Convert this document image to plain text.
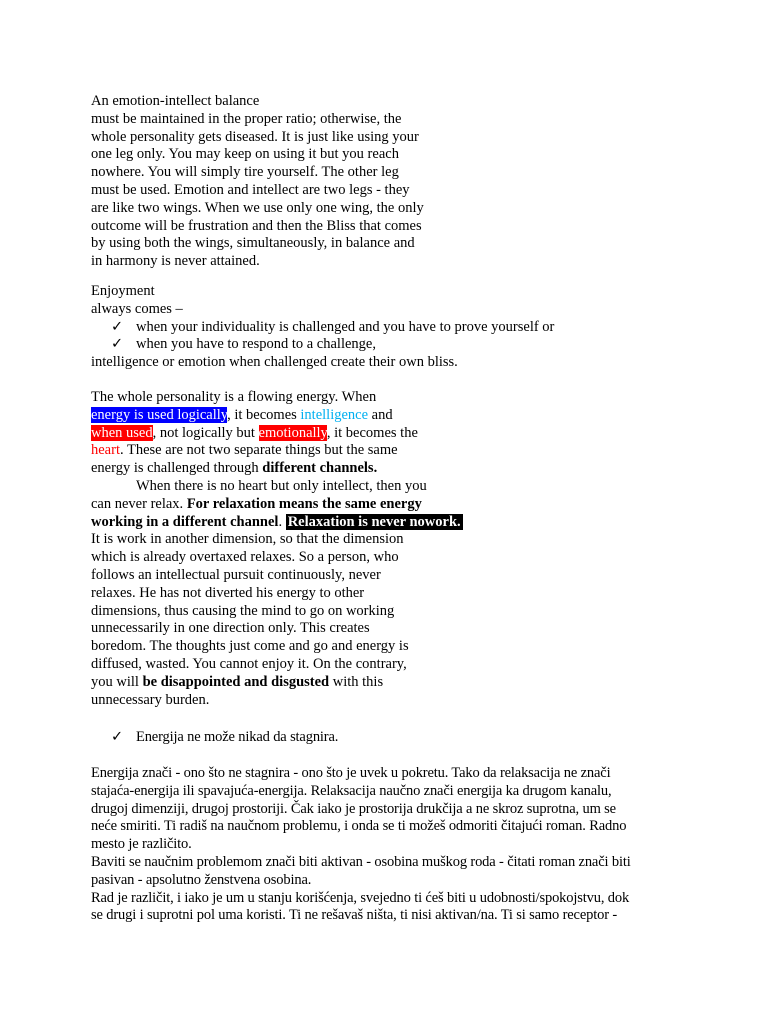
An emotion-intellect balance
must be maintained in the proper ratio; otherwise, the
whole personality gets diseased. It is just like using your
one leg only. You may keep on using it but you reach
nowhere. You will simply tire yourself. The other leg
must be used. Emotion and intellect are two legs - they
are like two wings. When we use only one wing, the only
outcome will be frustration and then the Bliss that comes
by using both the wings, simultaneously, in balance and
in harmony is never attained.
Enjoyment
always comes –
✓ when your individuality is challenged and you have to prove yourself or
✓ when you have to respond to a challenge,
intelligence or emotion when challenged create their own bliss.
The whole personality is a flowing energy. When
energy is used logically, it becomes intelligence and
when used, not logically but emotionally, it becomes the
heart. These are not two separate things but the same
energy is challenged through different channels.
When there is no heart but only intellect, then you
can never relax. For relaxation means the same energy
working in a different channel. Relaxation is never nowork.
It is work in another dimension, so that the dimension
which is already overtaxed relaxes. So a person, who
follows an intellectual pursuit continuously, never
relaxes. He has not diverted his energy to other
dimensions, thus causing the mind to go on working
unnecessarily in one direction only. This creates
boredom. The thoughts just come and go and energy is
diffused, wasted. You cannot enjoy it. On the contrary,
you will be disappointed and disgusted with this
unnecessary burden.
✓ Energija ne može nikad da stagnira.
Energija znači - ono što ne stagnira - ono što je uvek u pokretu. Tako da relaksacija ne znači
stajaća-energija ili spavajuća-energija. Relaksacija naučno znači energija ka drugom kanalu,
drugoj dimenziji, drugoj prostoriji. Čak iako je prostorija drukčija a ne skroz suprotna, um se
neće smiriti. Ti radiš na naučnom problemu, i onda se ti možeš odmoriti čitajući roman. Radno
mesto je različito.
Baviti se naučnim problemom znači biti aktivan - osobina muškog roda - čitati roman znači biti
pasivan - apsolutno ženstvena osobina.
Rad je različit, i iako je um u stanju korišćenja, svejedno ti ćeš biti u udobnosti/spokojstvu, dok
se drugi i suprotni pol uma koristi. Ti ne rešavaš ništa, ti nisi aktivan/na. Ti si samo receptor -
